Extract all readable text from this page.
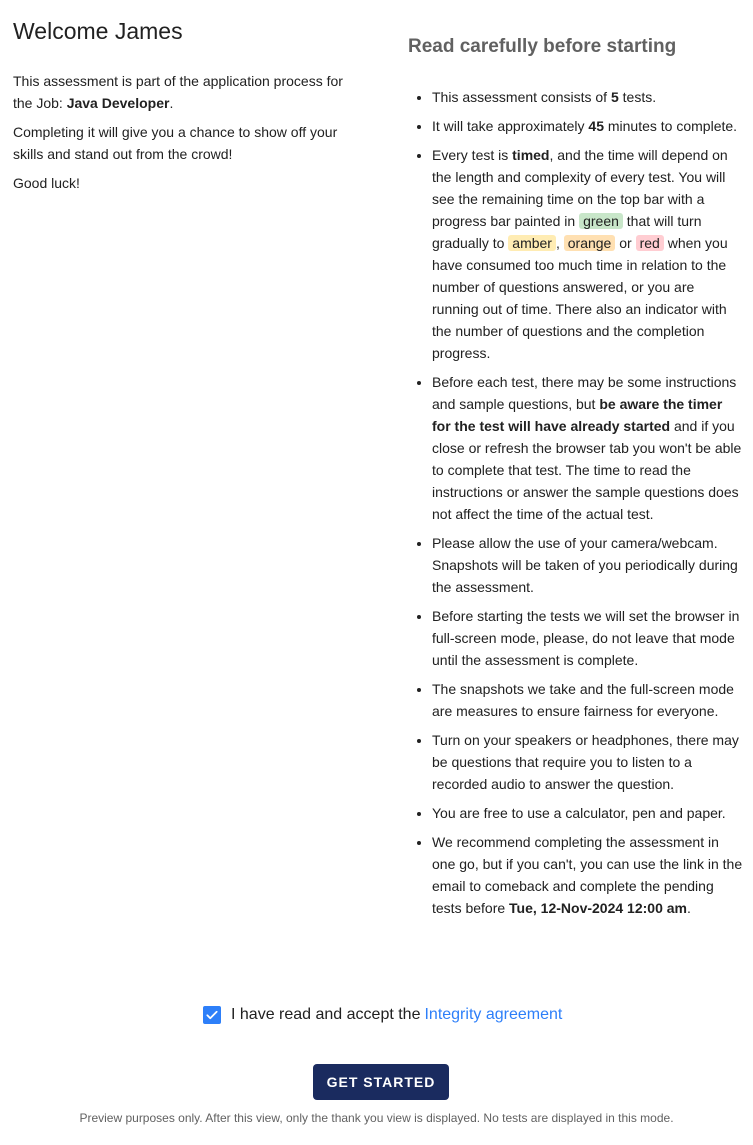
Welcome James

This assessment is part of the application process for the Job: Java Developer.

Completing it will give you a chance to show off your skills and stand out from the crowd!

Good luck!

Read carefully before starting
• This assessment consists of 5 tests.
• It will take approximately 45 minutes to complete.
• Every test is timed, and the time will depend on the length and complexity of every test. You will see the remaining time on the top bar with a progress bar painted in green that will turn gradually to amber , orange or red when you have consumed too much time in relation to the number of questions answered, or you are running out of time. There also an indicator with the number of questions and the completion progress.
• Before each test, there may be some instructions and sample questions, but be aware the timer for the test will have already started and if you close or refresh the browser tab you won't be able to complete that test. The time to read the instructions or answer the sample questions does not affect the time of the actual test.
• Please allow the use of your camera/webcam. Snapshots will be taken of you periodically during the assessment.
• Before starting the tests we will set the browser in full-screen mode, please, do not leave that mode until the assessment is complete.
• The snapshots we take and the full-screen mode are measures to ensure fairness for everyone.
• Turn on your speakers or headphones, there may be questions that require you to listen to a recorded audio to answer the question.
• You are free to use a calculator, pen and paper.
• We recommend completing the assessment in one go, but if you can't, you can use the link in the email to comeback and complete the pending tests before Tue, 12-Nov-2024 12:00 am.
I have read and accept the Integrity agreement
GET STARTED
Preview purposes only. After this view, only the thank you view is displayed. No tests are displayed in this mode.
